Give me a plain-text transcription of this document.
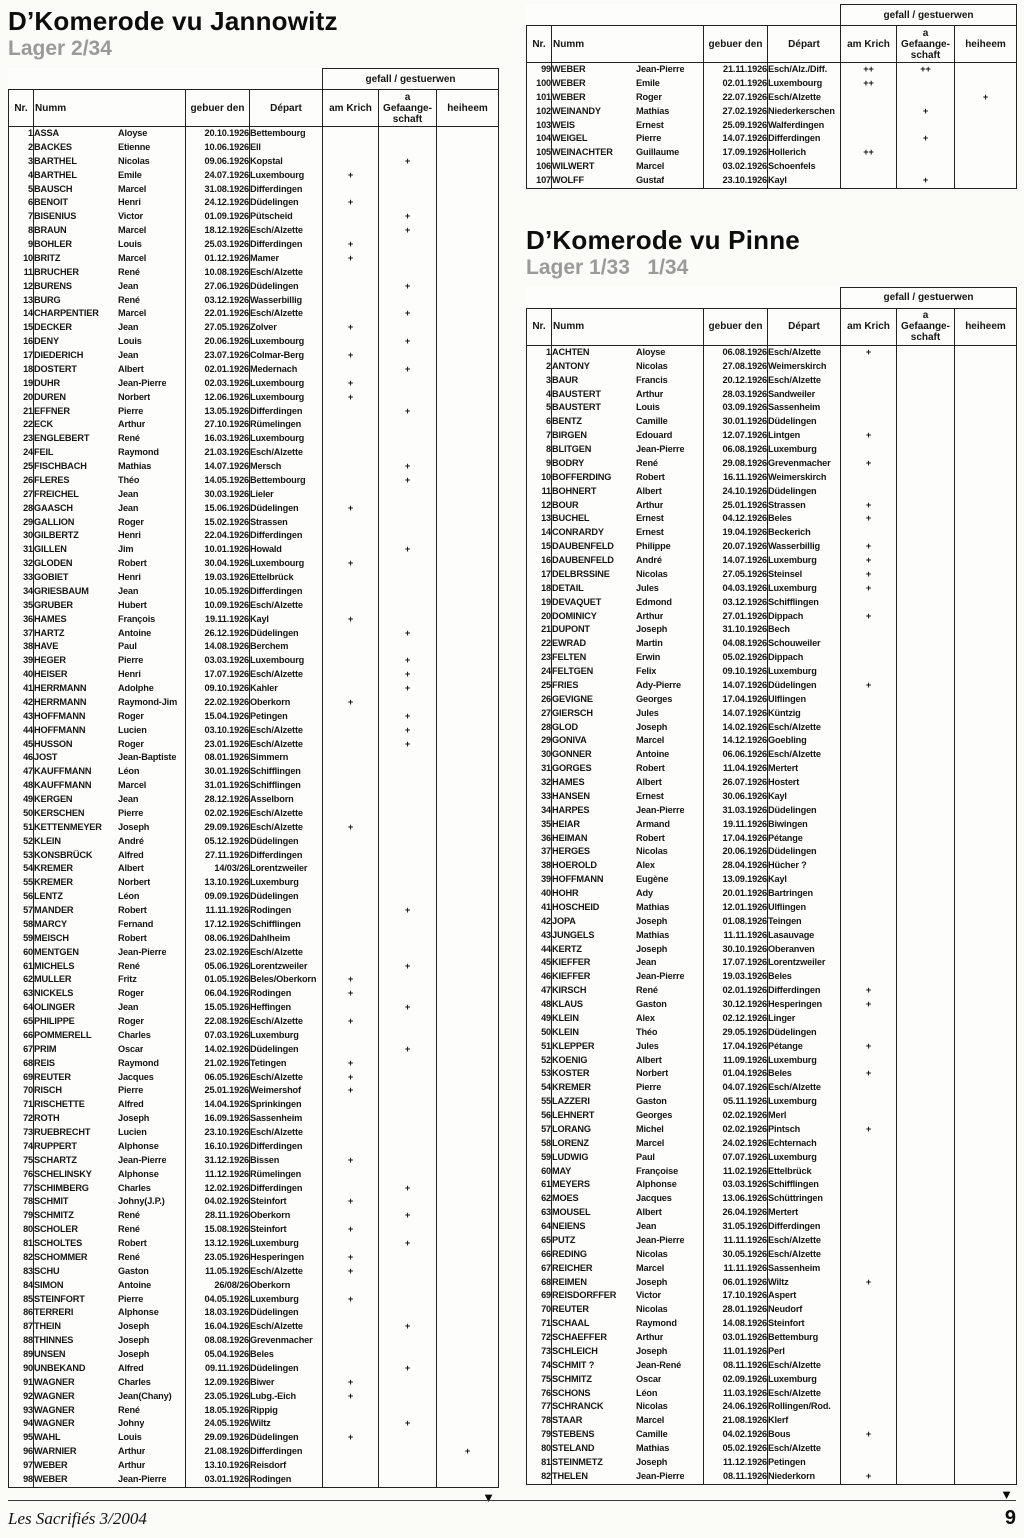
D’Komerode vu Jannowitz
Lager 2/34
				gefall / gestuerwen		
Nr.	Numm	gebuer den	Départ	am Krich	a Gefaange-schaft	heiheem
1	ASSA Aloyse	20.10.1926	Bettembourg			
2	BACKES Etienne	10.06.1926	Ell			
3	BARTHEL Nicolas	09.06.1926	Kopstal		+	
4	BARTHEL Emile	24.07.1926	Luxembourg	+		
5	BAUSCH Marcel	31.08.1926	Differdingen			
6	BENOIT Henri	24.12.1926	Düdelingen	+		
7	BISENIUS Victor	01.09.1926	Pütscheid		+	
8	BRAUN Marcel	18.12.1926	Esch/Alzette		+	
9	BOHLER Louis	25.03.1926	Differdingen	+		
10	BRITZ Marcel	01.12.1926	Mamer	+		
11	BRUCHER René	10.08.1926	Esch/Alzette			
12	BURENS Jean	27.06.1926	Düdelingen		+	
13	BURG René	03.12.1926	Wasserbillig			
14	CHARPENTIER Marcel	22.01.1926	Esch/Alzette		+	
15	DECKER Jean	27.05.1926	Zolver	+		
16	DENY Louis	20.06.1926	Luxembourg		+	
17	DIEDERICH Jean	23.07.1926	Colmar-Berg	+		
18	DOSTERT Albert	02.01.1926	Medernach		+	
19	DUHR Jean-Pierre	02.03.1926	Luxembourg	+		
20	DUREN Norbert	12.06.1926	Luxembourg	+		
21	EFFNER Pierre	13.05.1926	Differdingen		+	
22	ECK Arthur	27.10.1926	Rümelingen			
23	ENGLEBERT René	16.03.1926	Luxembourg			
24	FEIL Raymond	21.03.1926	Esch/Alzette			
25	FISCHBACH Mathias	14.07.1926	Mersch		+	
26	FLERES Théo	14.05.1926	Bettembourg		+	
27	FREICHEL Jean	30.03.1926	Lieler			
28	GAASCH Jean	15.06.1926	Düdelingen	+		
29	GALLION Roger	15.02.1926	Strassen			
30	GILBERTZ Henri	22.04.1926	Differdingen			
31	GILLEN Jim	10.01.1926	Howald		+	
32	GLODEN Robert	30.04.1926	Luxembourg	+		
33	GOBIET Henri	19.03.1926	Ettelbrück			
34	GRIESBAUM Jean	10.05.1926	Differdingen			
35	GRUBER Hubert	10.09.1926	Esch/Alzette			
36	HAMES François	19.11.1926	Kayl	+		
37	HARTZ Antoine	26.12.1926	Düdelingen		+	
38	HAVE Paul	14.08.1926	Berchem			
39	HEGER Pierre	03.03.1926	Luxembourg		+	
40	HEISER Henri	17.07.1926	Esch/Alzette		+	
41	HERRMANN Adolphe	09.10.1926	Kahler		+	
42	HERRMANN Raymond-Jim	22.02.1926	Oberkorn	+		
43	HOFFMANN Roger	15.04.1926	Petingen		+	
44	HOFFMANN Lucien	03.10.1926	Esch/Alzette		+	
45	HUSSON Roger	23.01.1926	Esch/Alzette		+	
46	JOST Jean-Baptiste	08.01.1926	Simmern			
47	KAUFFMANN Léon	30.01.1926	Schifflingen			
48	KAUFFMANN Marcel	31.01.1926	Schifflingen			
49	KERGEN Jean	28.12.1926	Asselborn			
50	KERSCHEN Pierre	02.02.1926	Esch/Alzette			
51	KETTENMEYER Joseph	29.09.1926	Esch/Alzette	+		
52	KLEIN André	05.12.1926	Düdelingen			
53	KONSBRÜCK Alfred	27.11.1926	Differdingen			
54	KREMER Albert	14/03/26	Lorentzweiler			
55	KREMER Norbert	13.10.1926	Luxemburg			
56	LENTZ Léon	09.09.1926	Düdelingen			
57	MANDER Robert	11.11.1926	Rodingen		+	
58	MARCY Fernand	17.12.1926	Schifflingen			
59	MEISCH Robert	08.06.1926	Dahlheim			
60	MENTGEN Jean-Pierre	23.02.1926	Esch/Alzette			
61	MICHELS René	05.06.1926	Lorentzweiler		+	
62	MULLER Fritz	01.05.1926	Beles/Oberkorn	+		
63	NICKELS Roger	06.04.1926	Rodingen	+		
64	OLINGER Jean	15.05.1926	Heffingen		+	
65	PHILIPPE Roger	22.08.1926	Esch/Alzette	+		
66	POMMERELL Charles	07.03.1926	Luxemburg			
67	PRIM Oscar	14.02.1926	Düdelingen		+	
68	REIS Raymond	21.02.1926	Tetingen	+		
69	REUTER Jacques	06.05.1926	Esch/Alzette	+		
70	RISCH Pierre	25.01.1926	Weimershof	+		
71	RISCHETTE Alfred	14.04.1926	Sprinkingen			
72	ROTH Joseph	16.09.1926	Sassenheim			
73	RUEBRECHT Lucien	23.10.1926	Esch/Alzette			
74	RUPPERT Alphonse	16.10.1926	Differdingen			
75	SCHARTZ Jean-Pierre	31.12.1926	Bissen	+		
76	SCHELINSKY Alphonse	11.12.1926	Rümelingen			
77	SCHIMBERG Charles	12.02.1926	Differdingen		+	
78	SCHMIT Johny(J.P.)	04.02.1926	Steinfort	+		
79	SCHMITZ René	28.11.1926	Oberkorn		+	
80	SCHOLER René	15.08.1926	Steinfort	+		
81	SCHOLTES Robert	13.12.1926	Luxemburg		+	
82	SCHOMMER René	23.05.1926	Hesperingen	+		
83	SCHU Gaston	11.05.1926	Esch/Alzette	+		
84	SIMON Antoine	26/08/26	Oberkorn			
85	STEINFORT Pierre	04.05.1926	Luxemburg	+		
86	TERRERI Alphonse	18.03.1926	Düdelingen			
87	THEIN Joseph	16.04.1926	Esch/Alzette		+	
88	THINNES Joseph	08.08.1926	Grevenmacher			
89	UNSEN Joseph	05.04.1926	Beles			
90	UNBEKAND Alfred	09.11.1926	Düdelingen		+	
91	WAGNER Charles	12.09.1926	Biwer	+		
92	WAGNER Jean(Chany)	23.05.1926	Lubg.-Eich	+		
93	WAGNER René	18.05.1926	Rippig			
94	WAGNER Johny	24.05.1926	Wiltz		+	
95	WAHL Louis	29.09.1926	Düdelingen	+		
96	WARNIER Arthur	21.08.1926	Differdingen			+
97	WEBER Arthur	13.10.1926	Reisdorf			
98	WEBER Jean-Pierre	03.01.1926	Rodingen			
▼
				gefall / gestuerwen		
Nr.	Numm	gebuer den	Départ	am Krich	a Gefaange-schaft	heiheem
99	WEBER Jean-Pierre	21.11.1926	Esch/Alz./Diff.	++	++	
100	WEBER Emile	02.01.1926	Luxembourg	++		
101	WEBER Roger	22.07.1926	Esch/Alzette			+
102	WEINANDY Mathias	27.02.1926	Niederkerschen		+	
103	WEIS Ernest	25.09.1926	Walferdingen			
104	WEIGEL Pierre	14.07.1926	Differdingen		+	
105	WEINACHTER Guillaume	17.09.1926	Hollerich	++		
106	WILWERT Marcel	03.02.1926	Schoenfels			
107	WOLFF Gustaf	23.10.1926	Kayl		+	
D’Komerode vu Pinne
Lager 1/33   1/34
				gefall / gestuerwen		
Nr.	Numm	gebuer den	Départ	am Krich	a Gefaange-schaft	heiheem
1	ACHTEN Aloyse	06.08.1926	Esch/Alzette	+		
2	ANTONY Nicolas	27.08.1926	Weimerskirch			
3	BAUR Francis	20.12.1926	Esch/Alzette			
4	BAUSTERT Arthur	28.03.1926	Sandweiler			
5	BAUSTERT Louis	03.09.1926	Sassenheim			
6	BENTZ Camille	30.01.1926	Düdelingen			
7	BIRGEN Edouard	12.07.1926	Lintgen	+		
8	BLITGEN Jean-Pierre	06.08.1926	Luxemburg			
9	BODRY René	29.08.1926	Grevenmacher	+		
10	BOFFERDING Robert	16.11.1926	Weimerskirch			
11	BOHNERT Albert	24.10.1926	Düdelingen			
12	BOUR Arthur	25.01.1926	Strassen	+		
13	BUCHEL Ernest	04.12.1926	Beles	+		
14	CONRARDY Ernest	19.04.1926	Beckerich			
15	DAUBENFELD Philippe	20.07.1926	Wasserbillig	+		
16	DAUBENFELD André	14.07.1926	Luxemburg	+		
17	DELBRSSINE Nicolas	27.05.1926	Steinsel	+		
18	DETAIL Jules	04.03.1926	Luxemburg	+		
19	DEVAQUET Edmond	03.12.1926	Schifflingen			
20	DOMINICY Arthur	27.01.1926	Dippach	+		
21	DUPONT Joseph	31.10.1926	Bech			
22	EWRAD Martin	04.08.1926	Schouweiler			
23	FELTEN Erwin	05.02.1926	Dippach			
24	FELTGEN Felix	09.10.1926	Luxemburg			
25	FRIES Ady-Pierre	14.07.1926	Düdelingen	+		
26	GEVIGNE Georges	17.04.1926	Ulflingen			
27	GIERSCH Jules	14.07.1926	Küntzig			
28	GLOD Joseph	14.02.1926	Esch/Alzette			
29	GONIVA Marcel	14.12.1926	Goebling			
30	GONNER Antoine	06.06.1926	Esch/Alzette			
31	GORGES Robert	11.04.1926	Mertert			
32	HAMES Albert	26.07.1926	Hostert			
33	HANSEN Ernest	30.06.1926	Kayl			
34	HARPES Jean-Pierre	31.03.1926	Düdelingen			
35	HEIAR Armand	19.11.1926	Biwingen			
36	HEIMAN Robert	17.04.1926	Pétange			
37	HERGES Nicolas	20.06.1926	Düdelingen			
38	HOEROLD Alex	28.04.1926	Hücher ?			
39	HOFFMANN Eugène	13.09.1926	Kayl			
40	HOHR Ady	20.01.1926	Bartringen			
41	HOSCHEID Mathias	12.01.1926	Ulflingen			
42	JOPA Joseph	01.08.1926	Teingen			
43	JUNGELS Mathias	11.11.1926	Lasauvage			
44	KERTZ Joseph	30.10.1926	Oberanven			
45	KIEFFER Jean	17.07.1926	Lorentzweiler			
46	KIEFFER Jean-Pierre	19.03.1926	Beles			
47	KIRSCH René	02.01.1926	Differdingen	+		
48	KLAUS Gaston	30.12.1926	Hesperingen	+		
49	KLEIN Alex	02.12.1926	Linger			
50	KLEIN Théo	29.05.1926	Düdelingen			
51	KLEPPER Jules	17.04.1926	Pétange	+		
52	KOENIG Albert	11.09.1926	Luxemburg			
53	KOSTER Norbert	01.04.1926	Beles	+		
54	KREMER Pierre	04.07.1926	Esch/Alzette			
55	LAZZERI Gaston	05.11.1926	Luxemburg			
56	LEHNERT Georges	02.02.1926	Merl			
57	LORANG Michel	02.02.1926	Pintsch	+		
58	LORENZ Marcel	24.02.1926	Echternach			
59	LUDWIG Paul	07.07.1926	Luxemburg			
60	MAY Françoise	11.02.1926	Ettelbrück			
61	MEYERS Alphonse	03.03.1926	Schifflingen			
62	MOES Jacques	13.06.1926	Schüttringen			
63	MOUSEL Albert	26.04.1926	Mertert			
64	NEIENS Jean	31.05.1926	Differdingen			
65	PUTZ Jean-Pierre	11.11.1926	Esch/Alzette			
66	REDING Nicolas	30.05.1926	Esch/Alzette			
67	REICHER Marcel	11.11.1926	Sassenheim			
68	REIMEN Joseph	06.01.1926	Wiltz	+		
69	REISDORFFER Victor	17.10.1926	Aspert			
70	REUTER Nicolas	28.01.1926	Neudorf			
71	SCHAAL Raymond	14.08.1926	Steinfort			
72	SCHAEFFER Arthur	03.01.1926	Bettemburg			
73	SCHLEICH Joseph	11.01.1926	Perl			
74	SCHMIT ? Jean-René	08.11.1926	Esch/Alzette			
75	SCHMITZ Oscar	02.09.1926	Luxemburg			
76	SCHONS Léon	11.03.1926	Esch/Alzette			
77	SCHRANCK Nicolas	24.06.1926	Rollingen/Rod.			
78	STAAR Marcel	21.08.1926	Klerf			
79	STEBENS Camille	04.02.1926	Bous	+		
80	STELAND Mathias	05.02.1926	Esch/Alzette			
81	STEINMETZ Joseph	11.12.1926	Petingen			
82	THELEN Jean-Pierre	08.11.1926	Niederkorn	+		
▼
Les Sacrifiés 3/2004	9
